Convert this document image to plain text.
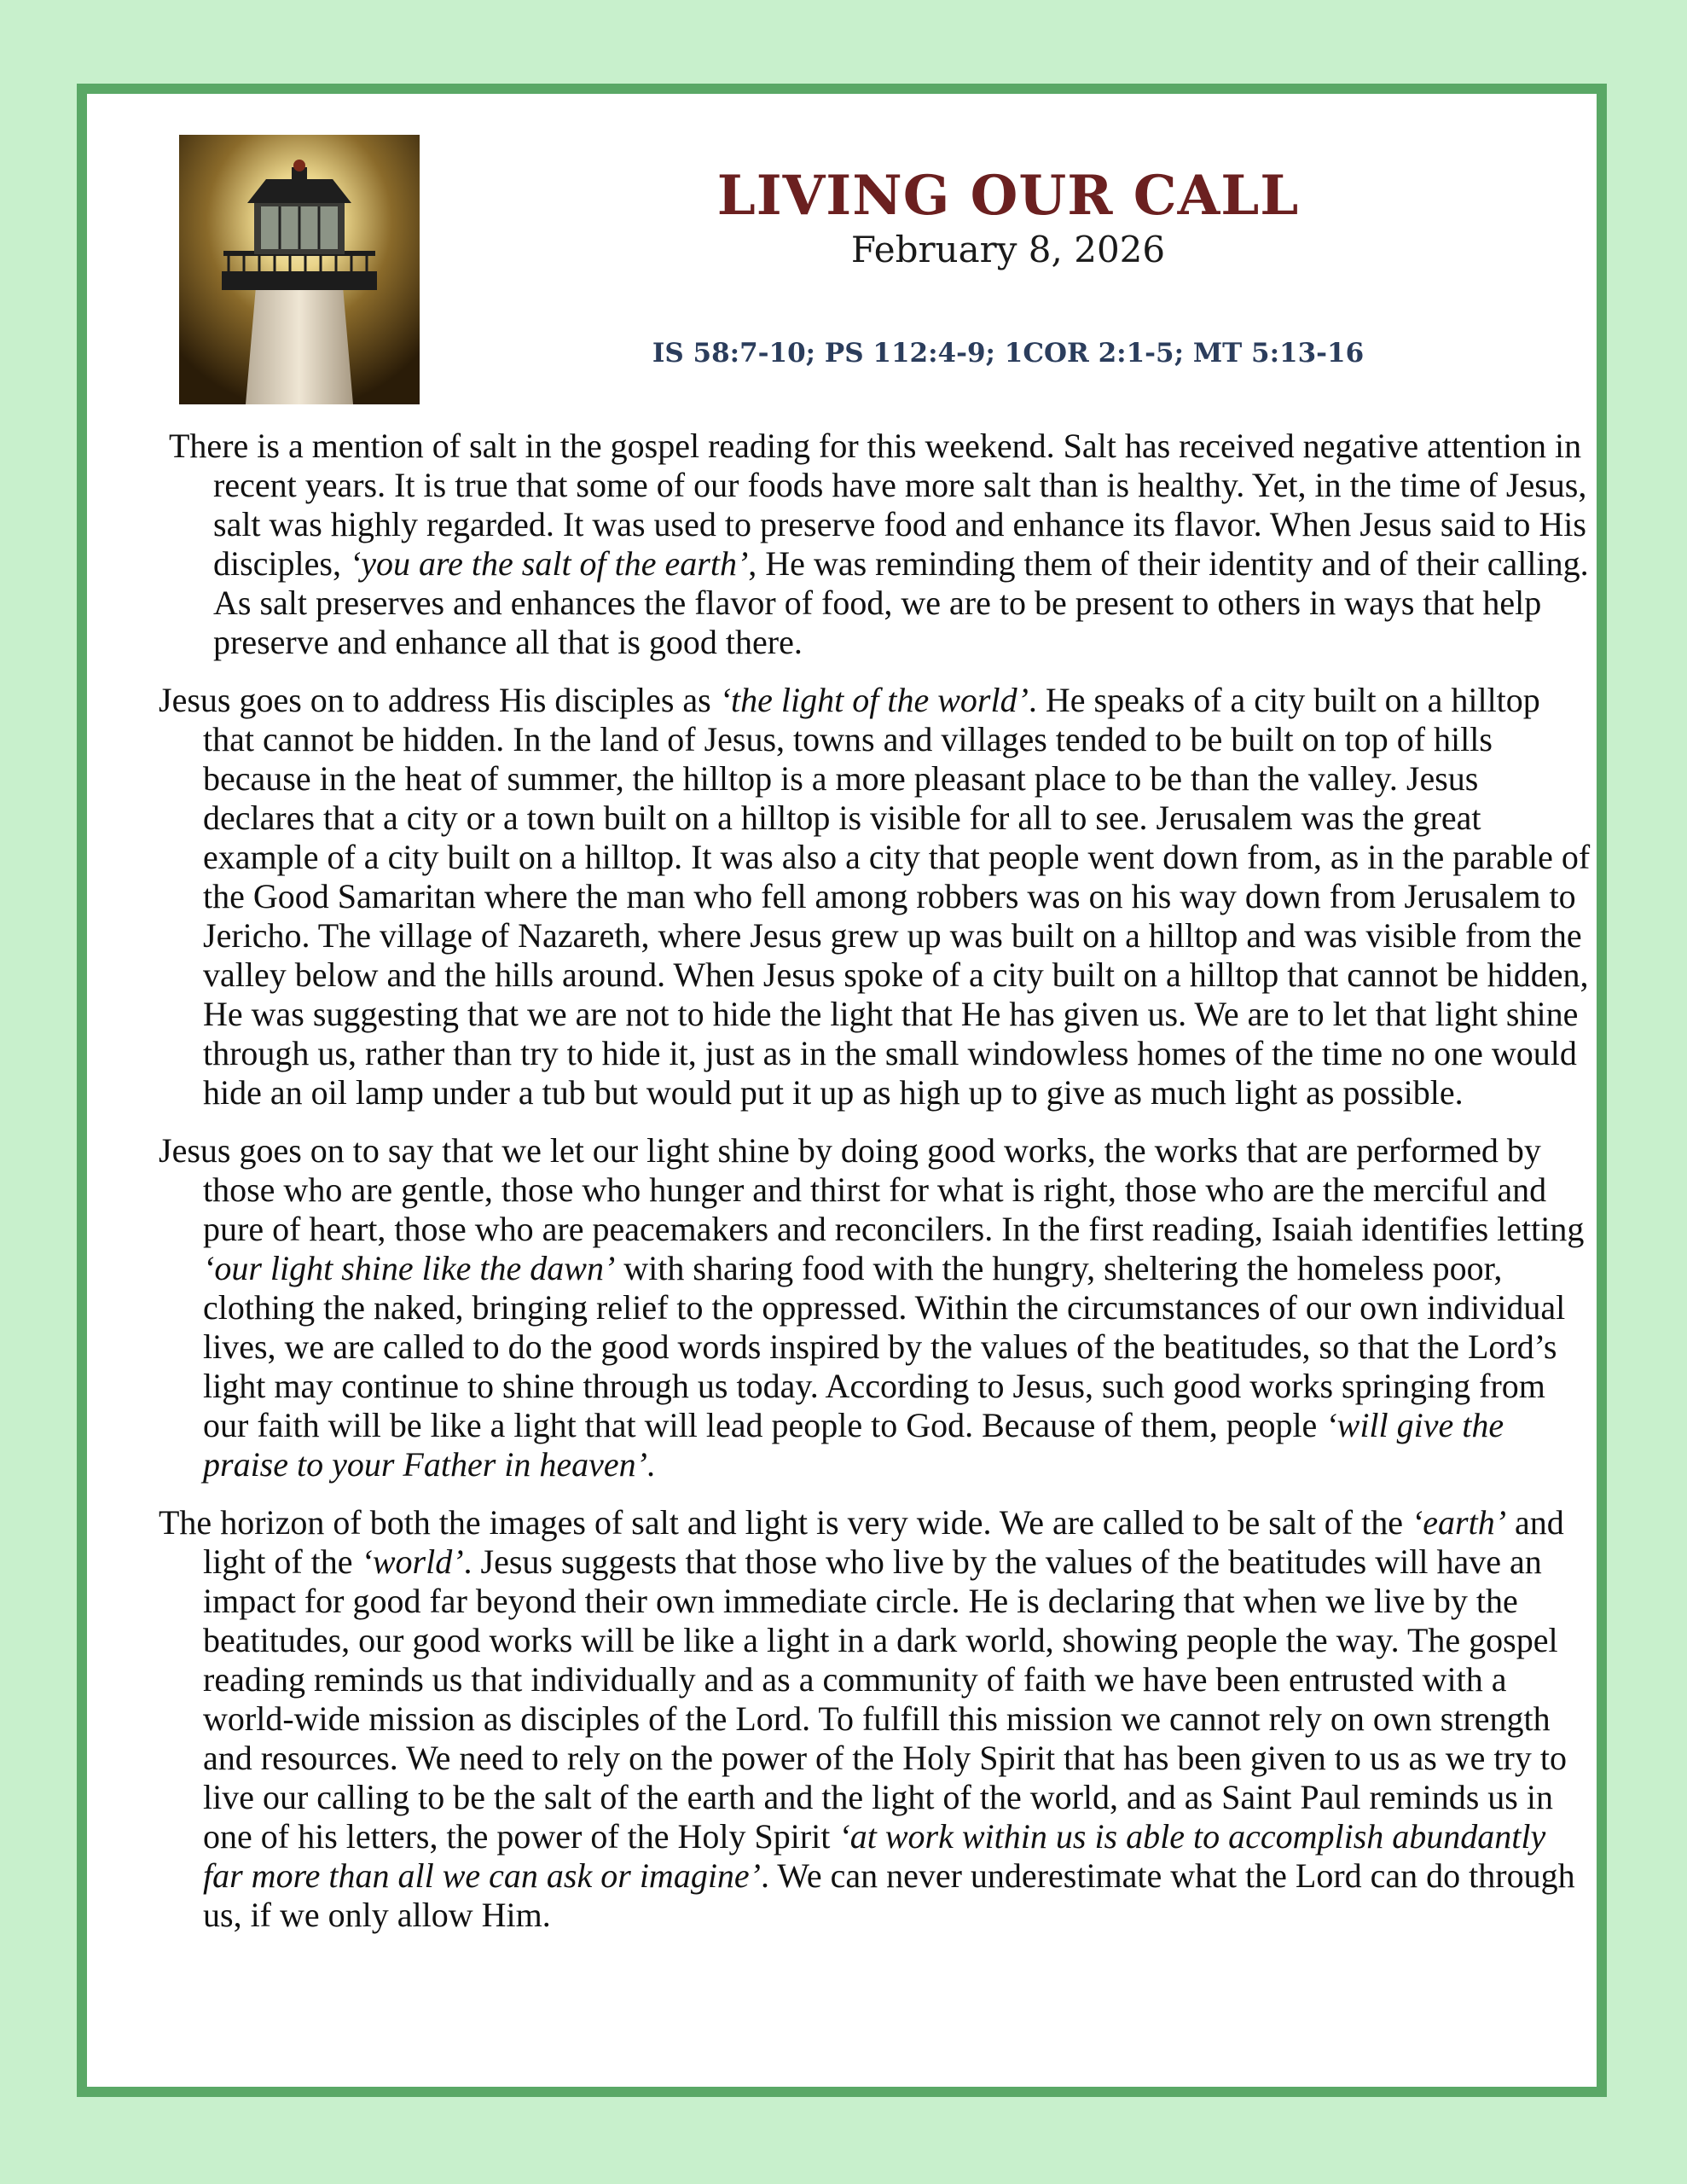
LIVING OUR CALL
February 8, 2026
IS 58:7-10; PS 112:4-9; 1COR 2:1-5; MT 5:13-16

There is a mention of salt in the gospel reading for this weekend. Salt has received negative attention in recent years. It is true that some of our foods have more salt than is healthy. Yet, in the time of Jesus, salt was highly regarded. It was used to preserve food and enhance its flavor. When Jesus said to His disciples, ‘you are the salt of the earth’, He was reminding them of their identity and of their calling. As salt preserves and enhances the flavor of food, we are to be present to others in ways that help preserve and enhance all that is good there.

Jesus goes on to address His disciples as ‘the light of the world’. He speaks of a city built on a hilltop that cannot be hidden. In the land of Jesus, towns and villages tended to be built on top of hills because in the heat of summer, the hilltop is a more pleasant place to be than the valley. Jesus declares that a city or a town built on a hilltop is visible for all to see. Jerusalem was the great example of a city built on a hilltop. It was also a city that people went down from, as in the parable of the Good Samaritan where the man who fell among robbers was on his way down from Jerusalem to Jericho. The village of Nazareth, where Jesus grew up was built on a hilltop and was visible from the valley below and the hills around. When Jesus spoke of a city built on a hilltop that cannot be hidden, He was suggesting that we are not to hide the light that He has given us. We are to let that light shine through us, rather than try to hide it, just as in the small windowless homes of the time no one would hide an oil lamp under a tub but would put it up as high up to give as much light as possible.

Jesus goes on to say that we let our light shine by doing good works, the works that are performed by those who are gentle, those who hunger and thirst for what is right, those who are the merciful and pure of heart, those who are peacemakers and reconcilers. In the first reading, Isaiah identifies letting ‘our light shine like the dawn’ with sharing food with the hungry, sheltering the homeless poor, clothing the naked, bringing relief to the oppressed. Within the circumstances of our own individual lives, we are called to do the good words inspired by the values of the beatitudes, so that the Lord’s light may continue to shine through us today. According to Jesus, such good works springing from our faith will be like a light that will lead people to God. Because of them, people ‘will give the praise to your Father in heaven’.

The horizon of both the images of salt and light is very wide. We are called to be salt of the ‘earth’ and light of the ‘world’. Jesus suggests that those who live by the values of the beatitudes will have an impact for good far beyond their own immediate circle. He is declaring that when we live by the beatitudes, our good works will be like a light in a dark world, showing people the way. The gospel reading reminds us that individually and as a community of faith we have been entrusted with a world-wide mission as disciples of the Lord. To fulfill this mission we cannot rely on own strength and resources. We need to rely on the power of the Holy Spirit that has been given to us as we try to live our calling to be the salt of the earth and the light of the world, and as Saint Paul reminds us in one of his letters, the power of the Holy Spirit ‘at work within us is able to accomplish abundantly far more than all we can ask or imagine’. We can never underestimate what the Lord can do through us, if we only allow Him.
